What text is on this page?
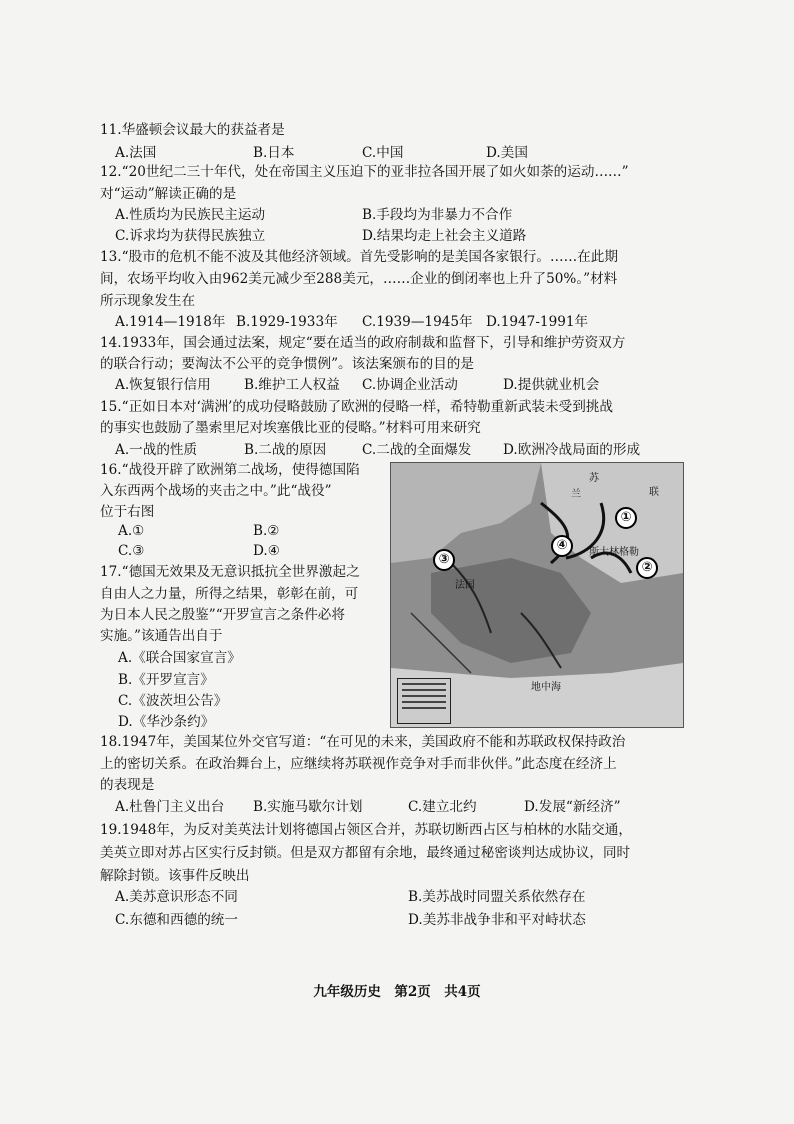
11.华盛顿会议最大的获益者是
A.法国	B.日本	C.中国	D.美国
12.“20世纪二三十年代，处在帝国主义压迫下的亚非拉各国开展了如火如荼的运动……”
对“运动”解读正确的是
A.性质均为民族民主运动	B.手段均为非暴力不合作
C.诉求均为获得民族独立	D.结果均走上社会主义道路
13.“股市的危机不能不波及其他经济领域。首先受影响的是美国各家银行。……在此期
间，农场平均收入由962美元减少至288美元，……企业的倒闭率也上升了50%。”材料
所示现象发生在
A.1914—1918年 B.1929-1933年 C.1939—1945年 D.1947-1991年
14.1933年，国会通过法案，规定“要在适当的政府制裁和监督下，引导和维护劳资双方
的联合行动；要淘汰不公平的竞争惯例”。该法案颁布的目的是
A.恢复银行信用 B.维护工人权益 C.协调企业活动	D.提供就业机会
15.“正如日本对‘满洲’的成功侵略鼓励了欧洲的侵略一样，希特勒重新武装未受到挑战
的事实也鼓励了墨索里尼对埃塞俄比亚的侵略。”材料可用来研究
A.一战的性质	B.二战的原因	C.二战的全面爆发 D.欧洲冷战局面的形成
16.“战役开辟了欧洲第二战场，使得德国陷
入东西两个战场的夹击之中。”此“战役”
位于右图
A.①	B.②
C.③	D.④
17.“德国无效果及无意识抵抗全世界激起之
自由人之力量，所得之结果，彰彰在前，可
为日本人民之殷鉴”“开罗宣言之条件必将
实施。”该通告出自于
A.《联合国家宣言》
B.《开罗宣言》
C.《波茨坦公告》
D.《华沙条约》
苏
联
兰
法国
斯大林格勒
地中海
①
②
③
④
18.1947年，美国某位外交官写道：“在可见的未来，美国政府不能和苏联政权保持政治
上的密切关系。在政治舞台上，应继续将苏联视作竞争对手而非伙伴。”此态度在经济上
的表现是
A.杜鲁门主义出台 B.实施马歇尔计划	C.建立北约	D.发展“新经济”
19.1948年，为反对美英法计划将德国占领区合并，苏联切断西占区与柏林的水陆交通，
美英立即对苏占区实行反封锁。但是双方都留有余地，最终通过秘密谈判达成协议，同时
解除封锁。该事件反映出
A.美苏意识形态不同	B.美苏战时同盟关系依然存在
C.东德和西德的统一	D.美苏非战争非和平对峙状态
九年级历史　第2页　共4页
